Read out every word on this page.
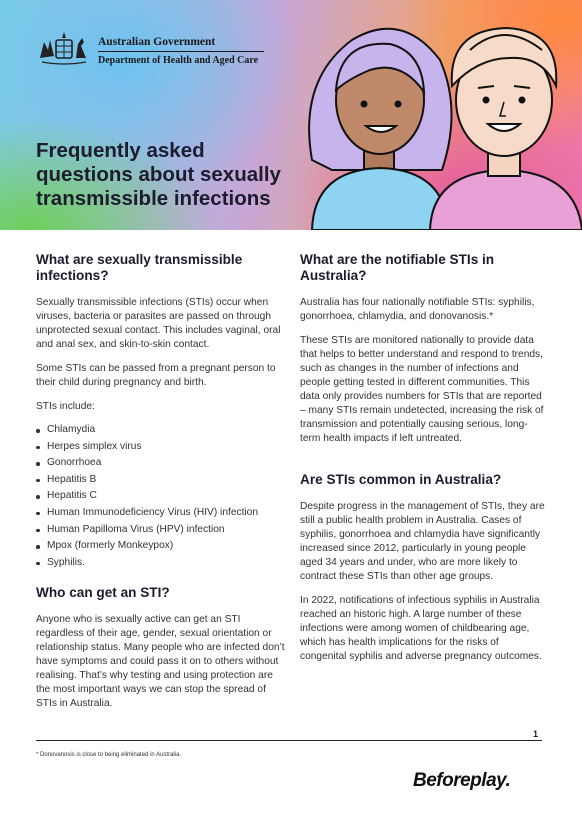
Australian Government
Department of Health and Aged Care
Frequently asked questions about sexually transmissible infections
What are sexually transmissible infections?

Sexually transmissible infections (STIs) occur when viruses, bacteria or parasites are passed on through unprotected sexual contact. This includes vaginal, oral and anal sex, and skin-to-skin contact.

Some STIs can be passed from a pregnant person to their child during pregnancy and birth.

STIs include:

Chlamydia
Herpes simplex virus
Gonorrhoea
Hepatitis B
Hepatitis C
Human Immunodeficiency Virus (HIV) infection
Human Papilloma Virus (HPV) infection
Mpox (formerly Monkeypox)
Syphilis.
Who can get an STI?

Anyone who is sexually active can get an STI regardless of their age, gender, sexual orientation or relationship status. Many people who are infected don’t have symptoms and could pass it on to others without realising. That’s why testing and using protection are the most important ways we can stop the spread of STIs in Australia.

What are the notifiable STIs in Australia?

Australia has four nationally notifiable STIs: syphilis, gonorrhoea, chlamydia, and donovanosis.*

These STIs are monitored nationally to provide data that helps to better understand and respond to trends, such as changes in the number of infections and people getting tested in different communities. This data only provides numbers for STIs that are reported – many STIs remain undetected, increasing the risk of transmission and potentially causing serious, long-term health impacts if left untreated.

Are STIs common in Australia?

Despite progress in the management of STIs, they are still a public health problem in Australia. Cases of syphilis, gonorrhoea and chlamydia have significantly increased since 2012, particularly in young people aged 34 years and under, who are more likely to contract these STIs than other age groups.

In 2022, notifications of infectious syphilis in Australia reached an historic high. A large number of these infections were among women of childbearing age, which has health implications for the risks of congenital syphilis and adverse pregnancy outcomes.

1
* Donovanosis is close to being eliminated in Australia.
Beforeplay.
